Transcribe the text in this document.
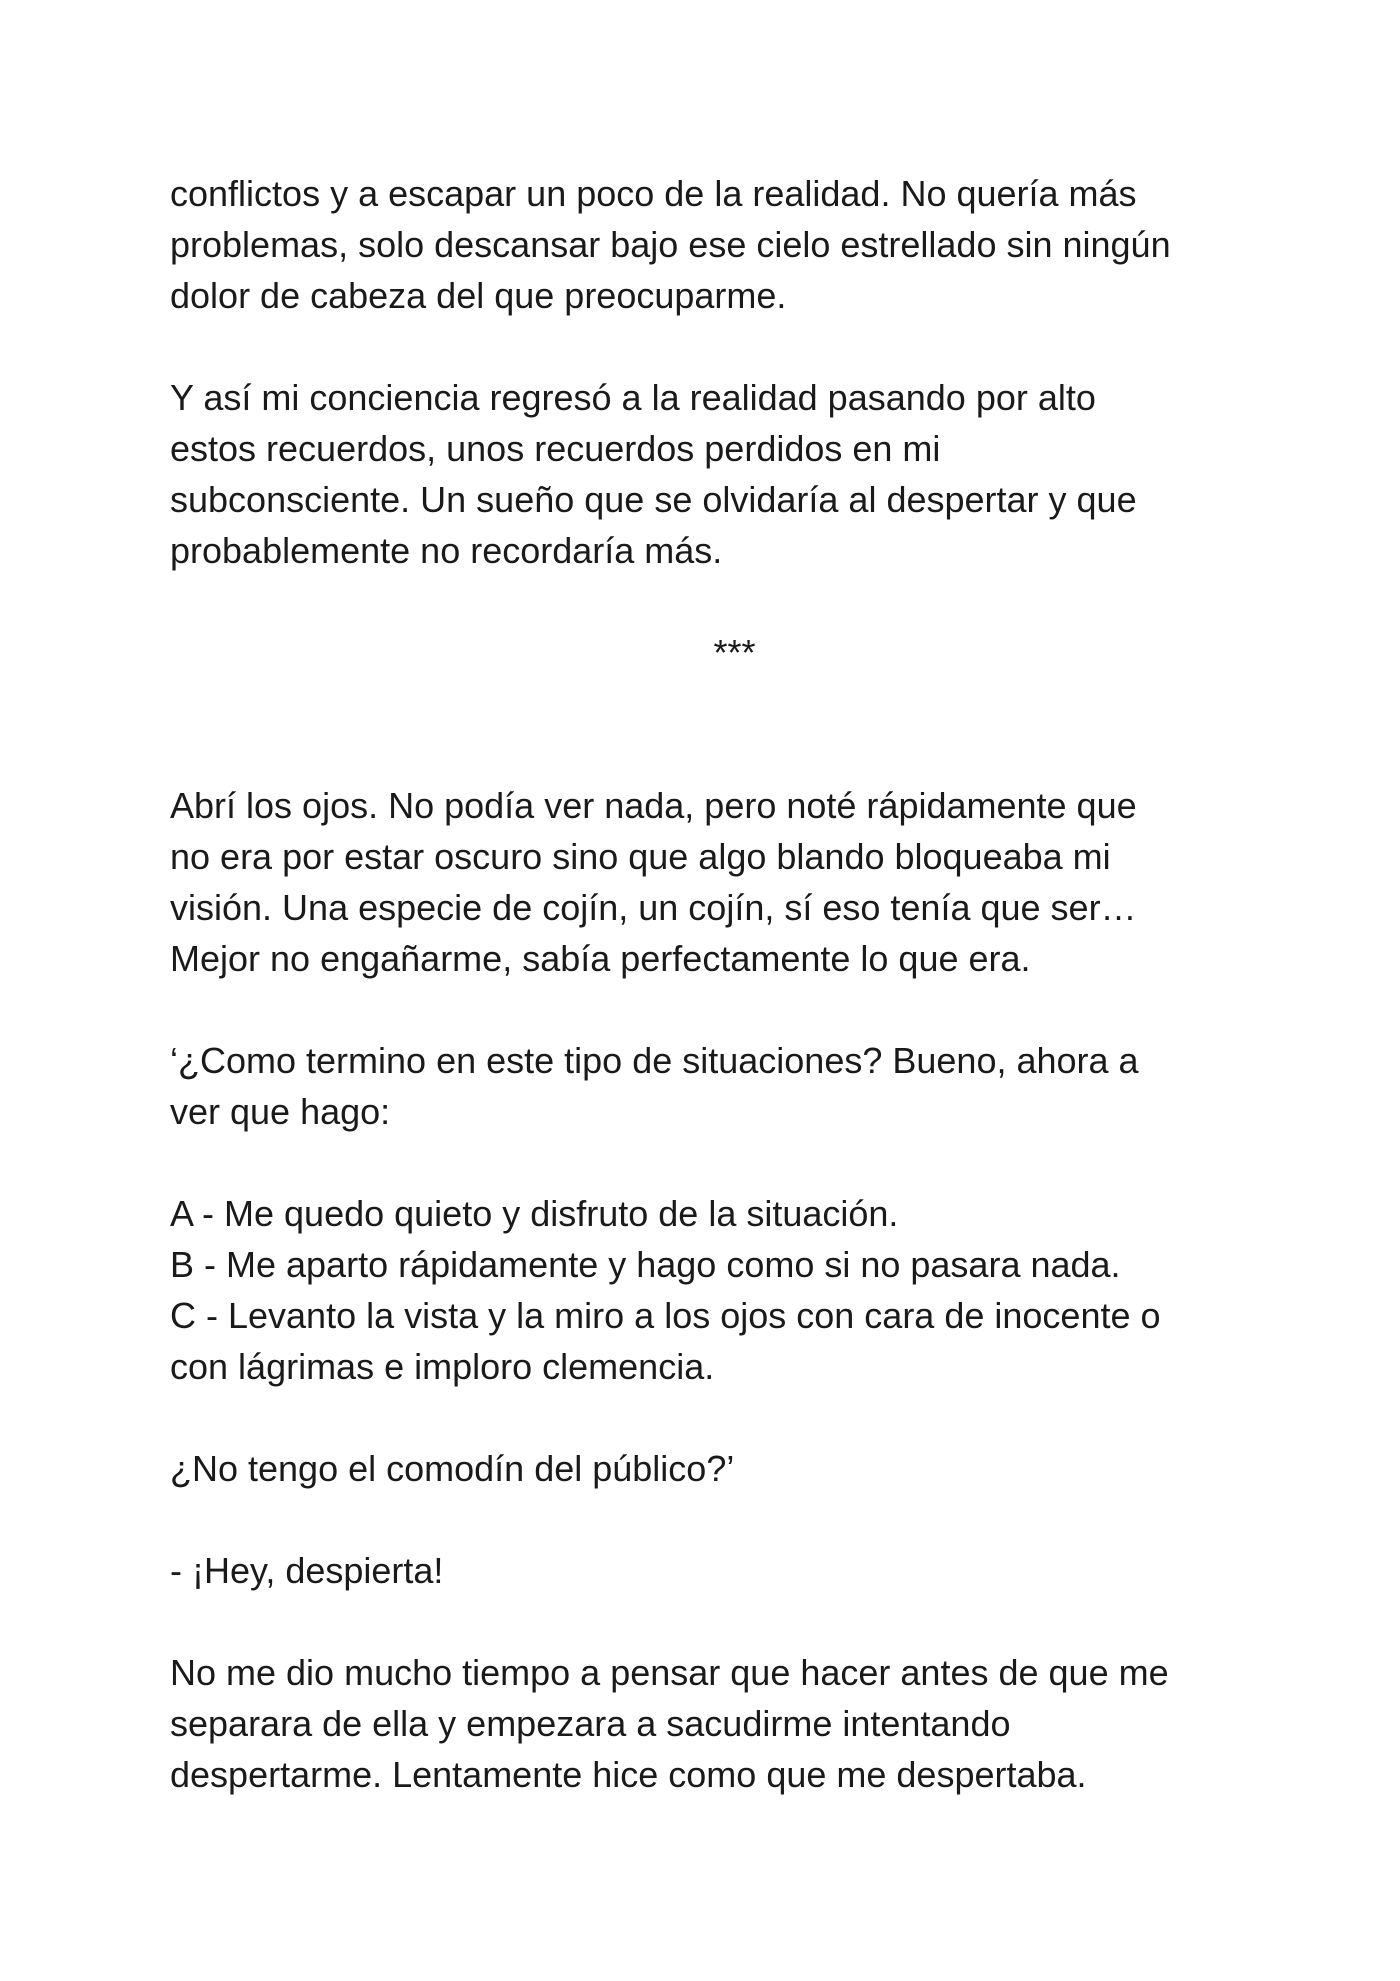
conflictos y a escapar un poco de la realidad. No quería más
problemas, solo descansar bajo ese cielo estrellado sin ningún
dolor de cabeza del que preocuparme.

Y así mi conciencia regresó a la realidad pasando por alto
estos recuerdos, unos recuerdos perdidos en mi
subconsciente. Un sueño que se olvidaría al despertar y que
probablemente no recordaría más.

***

Abrí los ojos. No podía ver nada, pero noté rápidamente que
no era por estar oscuro sino que algo blando bloqueaba mi
visión. Una especie de cojín, un cojín, sí eso tenía que ser…
Mejor no engañarme, sabía perfectamente lo que era.

‘¿Como termino en este tipo de situaciones? Bueno, ahora a
ver que hago:

A - Me quedo quieto y disfruto de la situación.
B - Me aparto rápidamente y hago como si no pasara nada.
C - Levanto la vista y la miro a los ojos con cara de inocente o
con lágrimas e imploro clemencia.

¿No tengo el comodín del público?’

- ¡Hey, despierta!

No me dio mucho tiempo a pensar que hacer antes de que me
separara de ella y empezara a sacudirme intentando
despertarme. Lentamente hice como que me despertaba.
